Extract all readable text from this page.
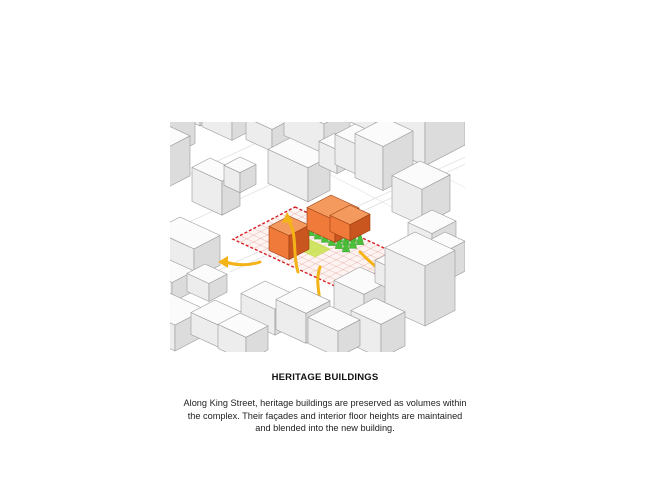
HERITAGE BUILDINGS
Along King Street, heritage buildings are preserved as volumes within
the complex. Their façades and interior floor heights are maintained
and blended into the new building.
